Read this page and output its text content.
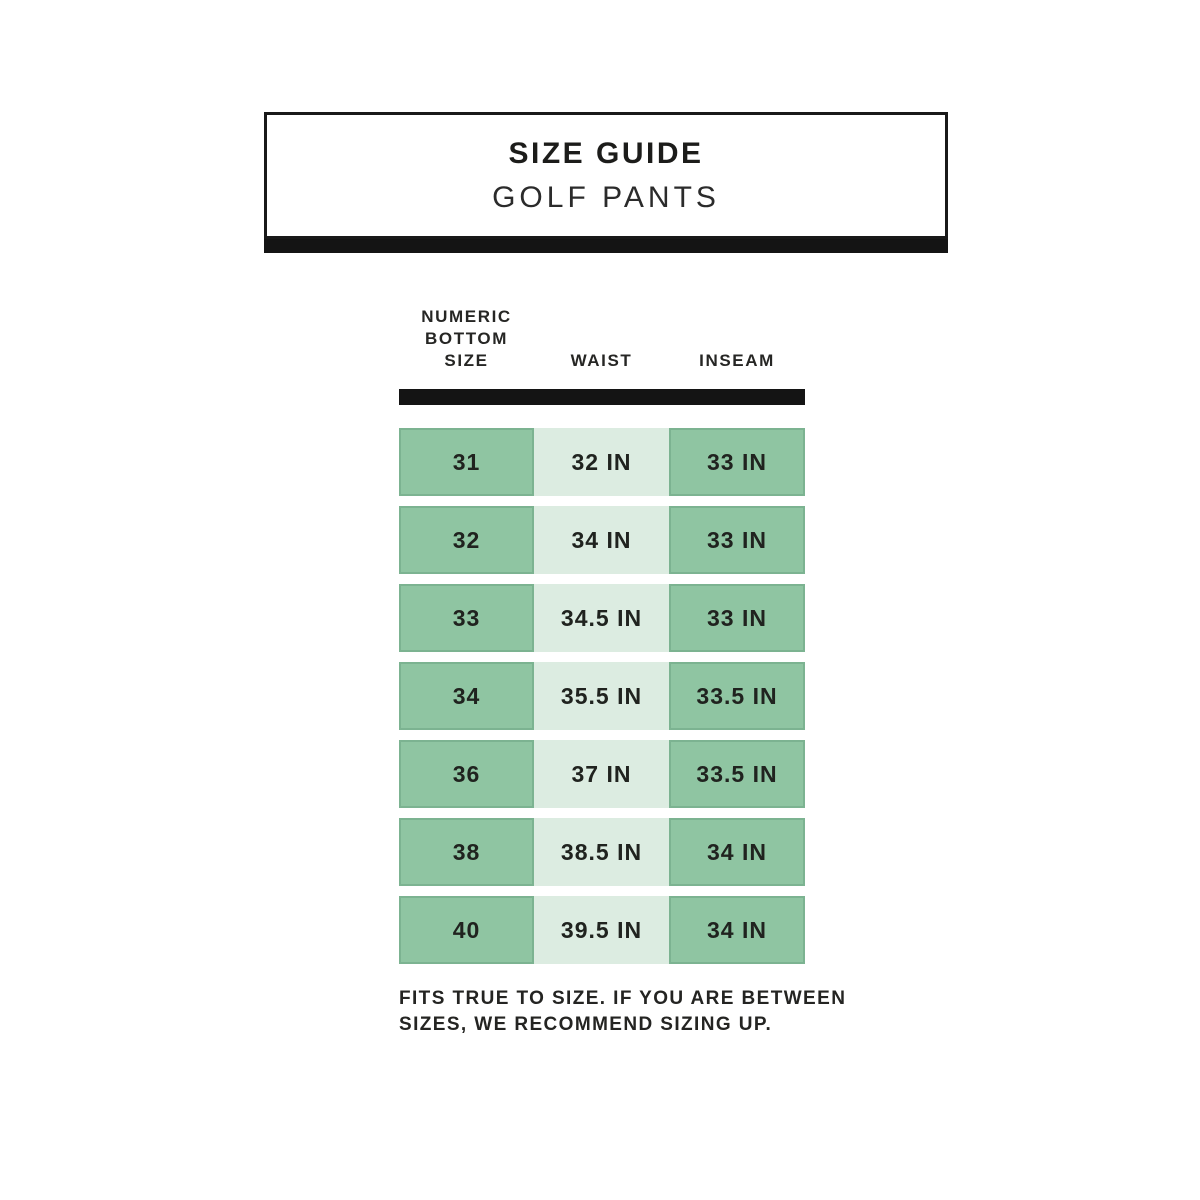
SIZE GUIDE
GOLF PANTS
NUMERIC
BOTTOM
SIZE	WAIST	INSEAM
31	32 IN	33 IN
32	34 IN	33 IN
33	34.5 IN	33 IN
34	35.5 IN	33.5 IN
36	37 IN	33.5 IN
38	38.5 IN	34 IN
40	39.5 IN	34 IN
FITS TRUE TO SIZE. IF YOU ARE BETWEEN
SIZES, WE RECOMMEND SIZING UP.
